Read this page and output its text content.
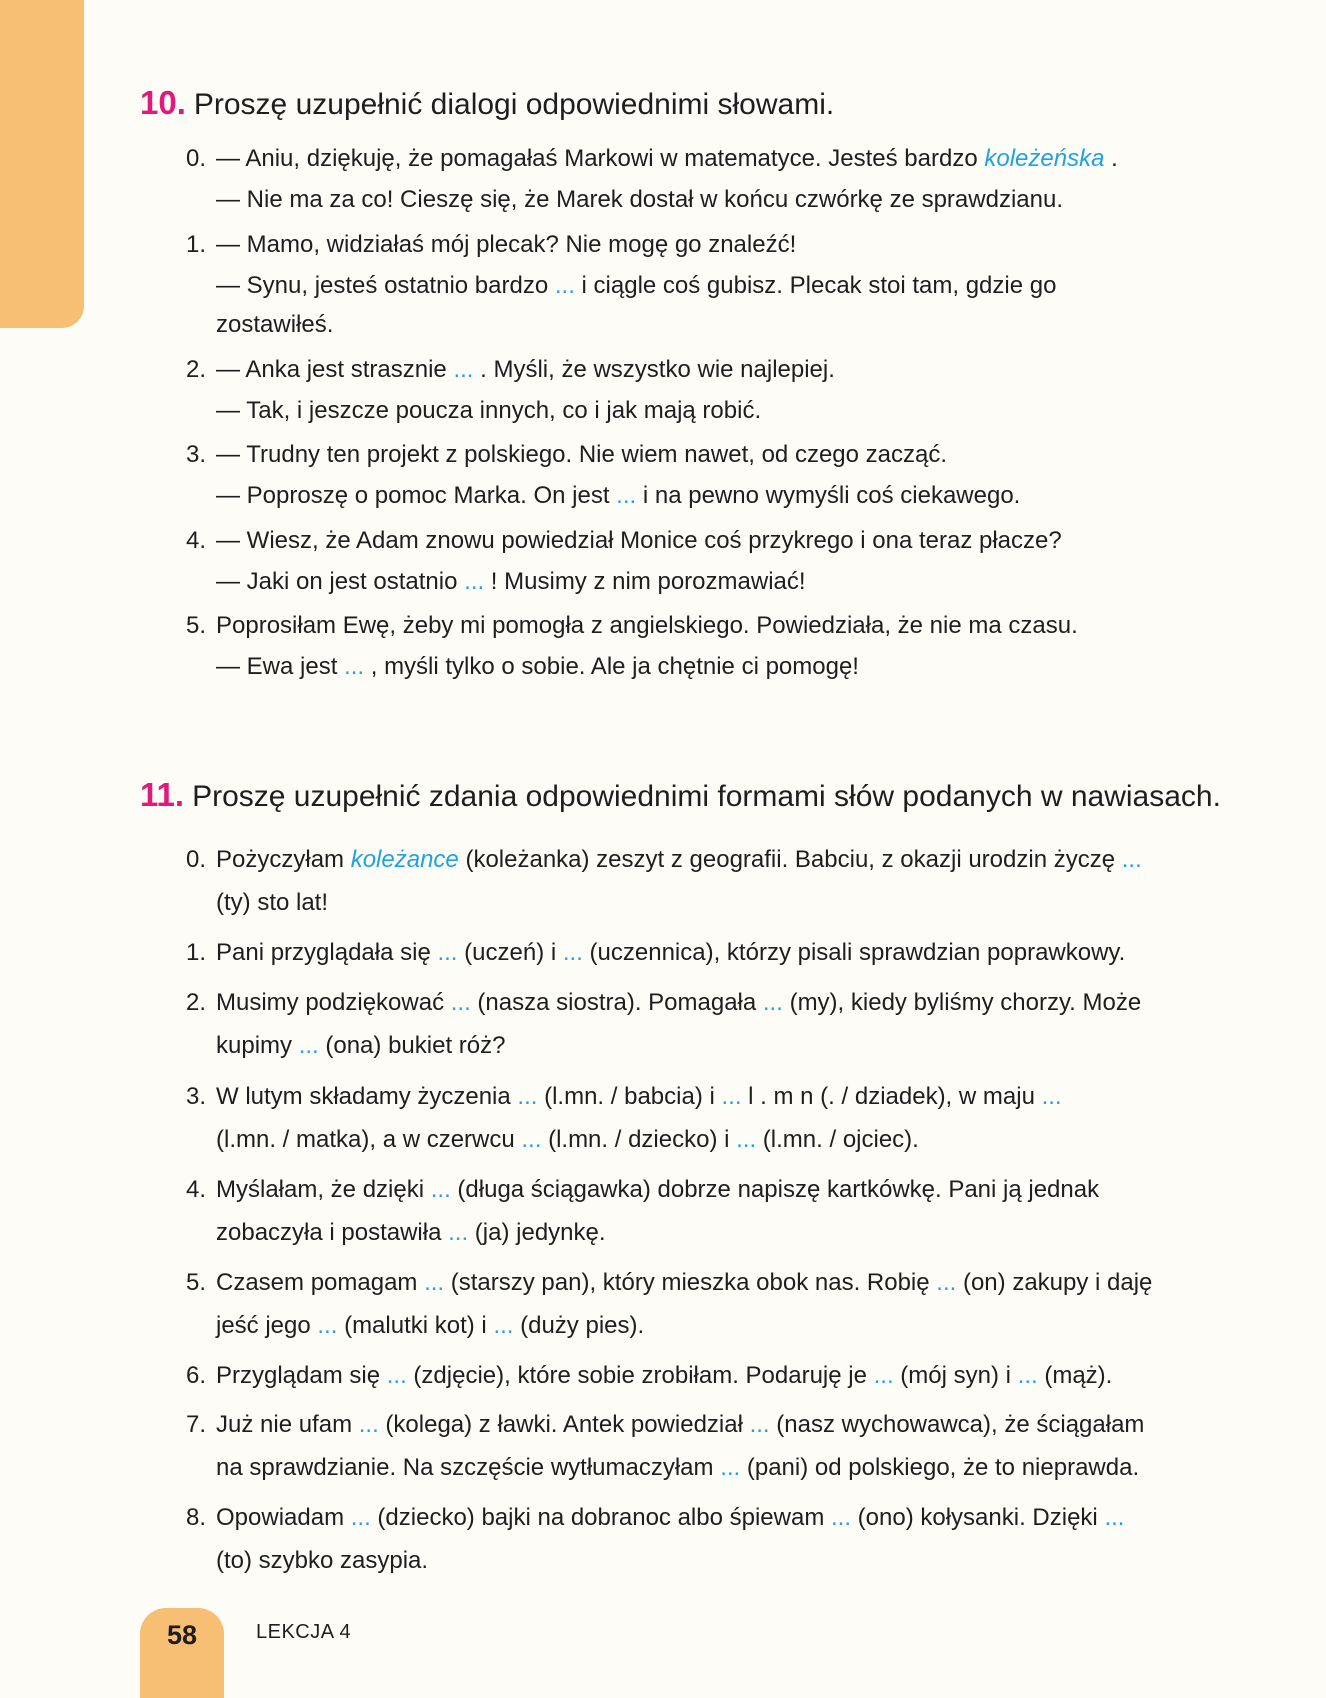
10. Proszę uzupełnić dialogi odpowiednimi słowami.
0. — Aniu, dziękuję, że pomagałaś Markowi w matematyce. Jesteś bardzo koleżeńska .
— Nie ma za co! Cieszę się, że Marek dostał w końcu czwórkę ze sprawdzianu.
1. — Mamo, widziałaś mój plecak? Nie mogę go znaleźć!
— Synu, jesteś ostatnio bardzo ... i ciągle coś gubisz. Plecak stoi tam, gdzie go
zostawiłeś.
2. — Anka jest strasznie ... . Myśli, że wszystko wie najlepiej.
— Tak, i jeszcze poucza innych, co i jak mają robić.
3. — Trudny ten projekt z polskiego. Nie wiem nawet, od czego zacząć.
— Poproszę o pomoc Marka. On jest ... i na pewno wymyśli coś ciekawego.
4. — Wiesz, że Adam znowu powiedział Monice coś przykrego i ona teraz płacze?
— Jaki on jest ostatnio ... ! Musimy z nim porozmawiać!
5. Poprosiłam Ewę, żeby mi pomogła z angielskiego. Powiedziała, że nie ma czasu.
— Ewa jest ... , myśli tylko o sobie. Ale ja chętnie ci pomogę!
11. Proszę uzupełnić zdania odpowiednimi formami słów podanych w nawiasach.
0. Pożyczyłam koleżance (koleżanka) zeszyt z geografii. Babciu, z okazji urodzin życzę ...
(ty) sto lat!
1. Pani przyglądała się ... (uczeń) i ... (uczennica), którzy pisali sprawdzian poprawkowy.
2. Musimy podziękować ... (nasza siostra). Pomagała ... (my), kiedy byliśmy chorzy. Może
kupimy ... (ona) bukiet róż?
3. W lutym składamy życzenia ... (l.mn. / babcia) i ... l . m n (. / dziadek), w maju ...
(l.mn. / matka), a w czerwcu ... (l.mn. / dziecko) i ... (l.mn. / ojciec).
4. Myślałam, że dzięki ... (długa ściągawka) dobrze napiszę kartkówkę. Pani ją jednak
zobaczyła i postawiła ... (ja) jedynkę.
5. Czasem pomagam ... (starszy pan), który mieszka obok nas. Robię ... (on) zakupy i daję
jeść jego ... (malutki kot) i ... (duży pies).
6. Przyglądam się ... (zdjęcie), które sobie zrobiłam. Podaruję je ... (mój syn) i ... (mąż).
7. Już nie ufam ... (kolega) z ławki. Antek powiedział ... (nasz wychowawca), że ściągałam
na sprawdzianie. Na szczęście wytłumaczyłam ... (pani) od polskiego, że to nieprawda.
8. Opowiadam ... (dziecko) bajki na dobranoc albo śpiewam ... (ono) kołysanki. Dzięki ...
(to) szybko zasypia.
58	LEKCJA 4
